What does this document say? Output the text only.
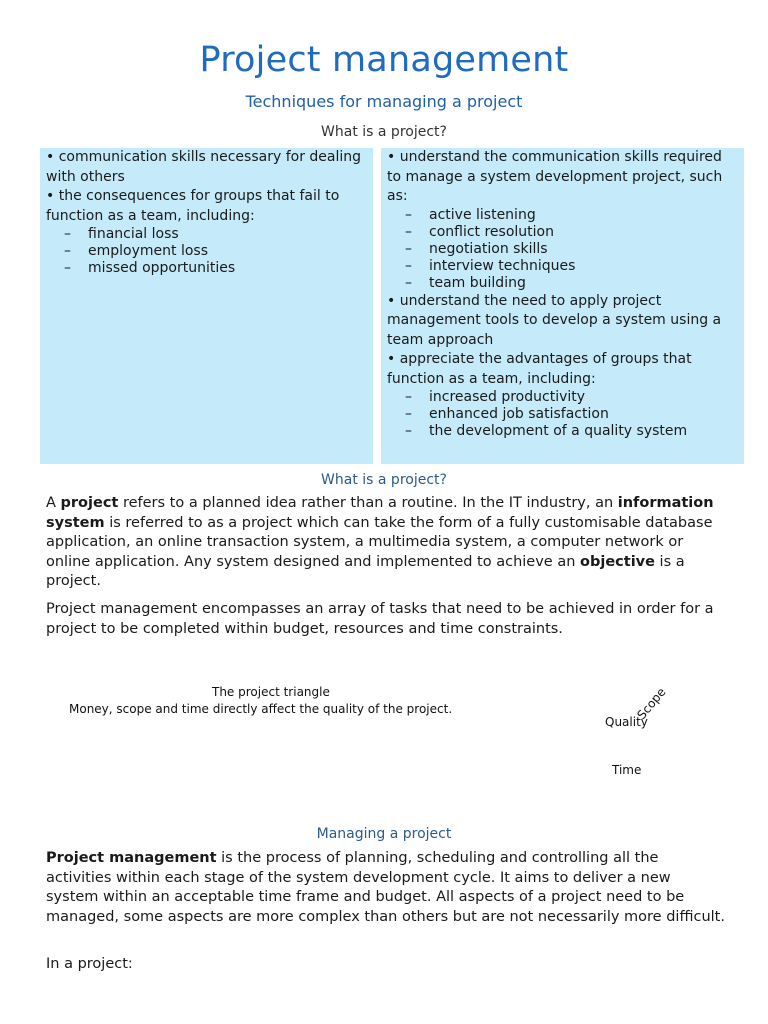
Project management
Techniques for managing a project
What is a project?

• communication skills necessary for dealing with others

• the consequences for groups that fail to function as a team, including:

– financial loss
– employment loss
– missed opportunities

• understand the communication skills required to manage a system development project, such as:

– active listening
– conflict resolution
– negotiation skills
– interview techniques
– team building

• understand the need to apply project management tools to develop a system using a team approach

• appreciate the advantages of groups that function as a team, including:

– increased productivity
– enhanced job satisfaction
– the development of a quality system
What is a project?

A project refers to a planned idea rather than a routine. In the IT industry, an information system is referred to as a project which can take the form of a fully customisable database application, an online transaction system, a multimedia system, a computer network or online application. Any system designed and implemented to achieve an objective is a project.

Project management encompasses an array of tasks that need to be achieved in order for a project to be completed within budget, resources and time constraints.

The project triangle
Money, scope and time directly affect the quality of the project.
Quality
Scope
Time
Managing a project

Project management is the process of planning, scheduling and controlling all the activities within each stage of the system development cycle. It aims to deliver a new system within an acceptable time frame and budget. All aspects of a project need to be managed, some aspects are more complex than others but are not necessarily more difficult.

In a project:
